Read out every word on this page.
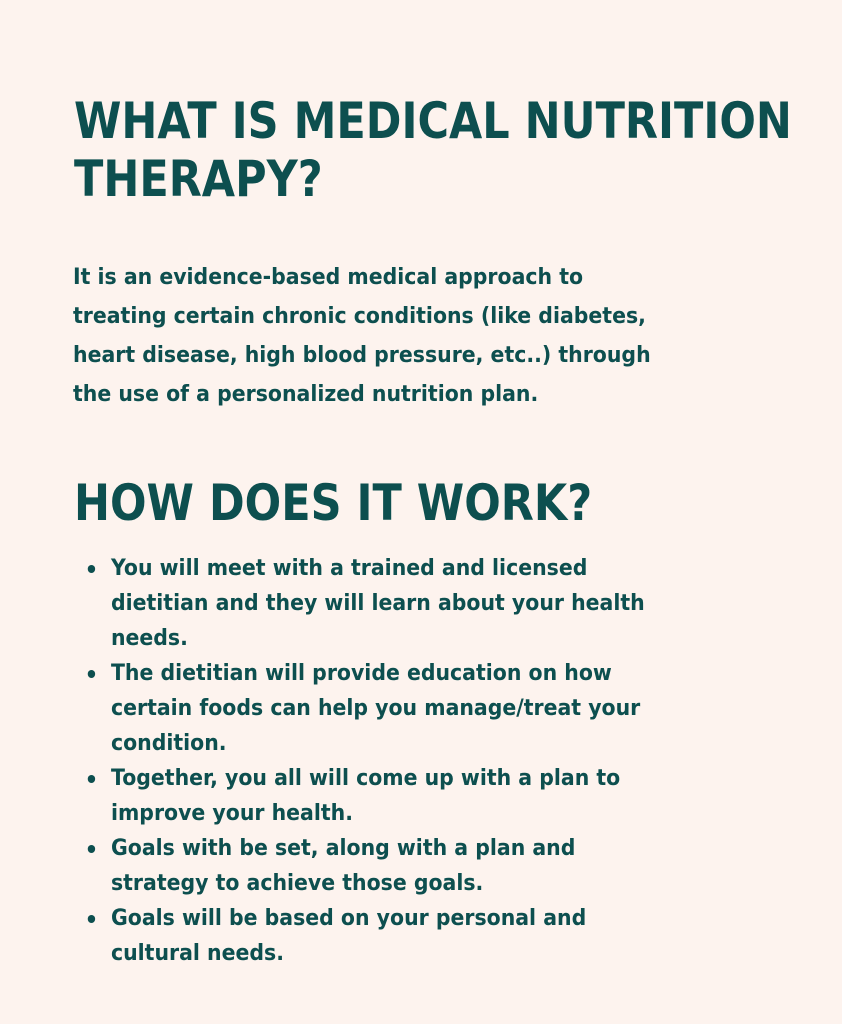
WHAT IS MEDICAL NUTRITION
THERAPY?

It is an evidence-based medical approach to
treating certain chronic conditions (like diabetes,
heart disease, high blood pressure, etc..) through
the use of a personalized nutrition plan.

HOW DOES IT WORK?
You will meet with a trained and licensed
dietitian and they will learn about your health
needs.
The dietitian will provide education on how
certain foods can help you manage/treat your
condition.
Together, you all will come up with a plan to
improve your health.
Goals with be set, along with a plan and
strategy to achieve those goals.
Goals will be based on your personal and
cultural needs.
